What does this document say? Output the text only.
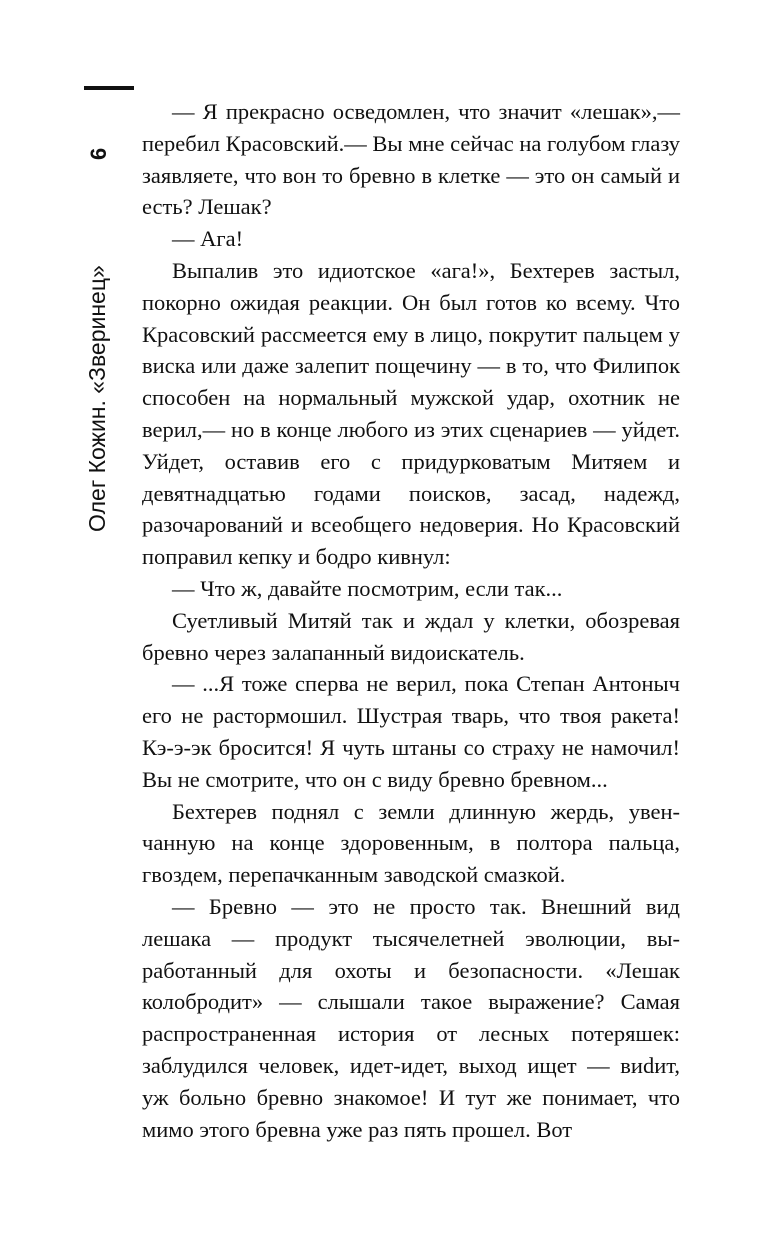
6
Олег Кожин. «Зверинец»

— Я прекрасно осведомлен, что значит «лешак»,— перебил Красовский.— Вы мне сейчас на голубом глазу заявляете, что вон то бревно в клетке — это он самый и есть? Лешак?

— Ага!

Выпалив это идиотское «ага!», Бехтерев застыл, покорно ожидая реакции. Он был готов ко всему. Что Красовский рассмеется ему в лицо, покрутит пальцем у виска или даже залепит пощечину — в то, что Филипок способен на нормальный мужской удар, охотник не верил,— но в конце любого из этих сценариев — уйдет. Уйдет, оставив его с придурковатым Митяем и девятнадцатью годами поисков, засад, надежд, разочарований и всеобщего недоверия. Но Красовский поправил кепку и бодро кивнул:

— Что ж, давайте посмотрим, если так...

Суетливый Митяй так и ждал у клетки, обозревая бревно через залапанный видоискатель.

— ...Я тоже сперва не верил, пока Степан Антоныч его не растормошил. Шустрая тварь, что твоя ракета! Кэ-э-эк бросится! Я чуть штаны со страху не намочил! Вы не смотрите, что он с виду бревно бревном...

Бехтерев поднял с земли длинную жердь, увенчанную на конце здоровенным, в полтора пальца, гвоздем, перепачканным заводской смазкой.

— Бревно — это не просто так. Внешний вид лешака — продукт тысячелетней эволюции, выработанный для охоты и безопасности. «Лешак колобродит» — слышали такое выражение? Самая распространенная история от лесных потеряшек: заблудился человек, идет-идет, выход ищет — виdит, уж больно бревно знакомое! И тут же понимает, что мимо этого бревна уже раз пять прошел. Вот
